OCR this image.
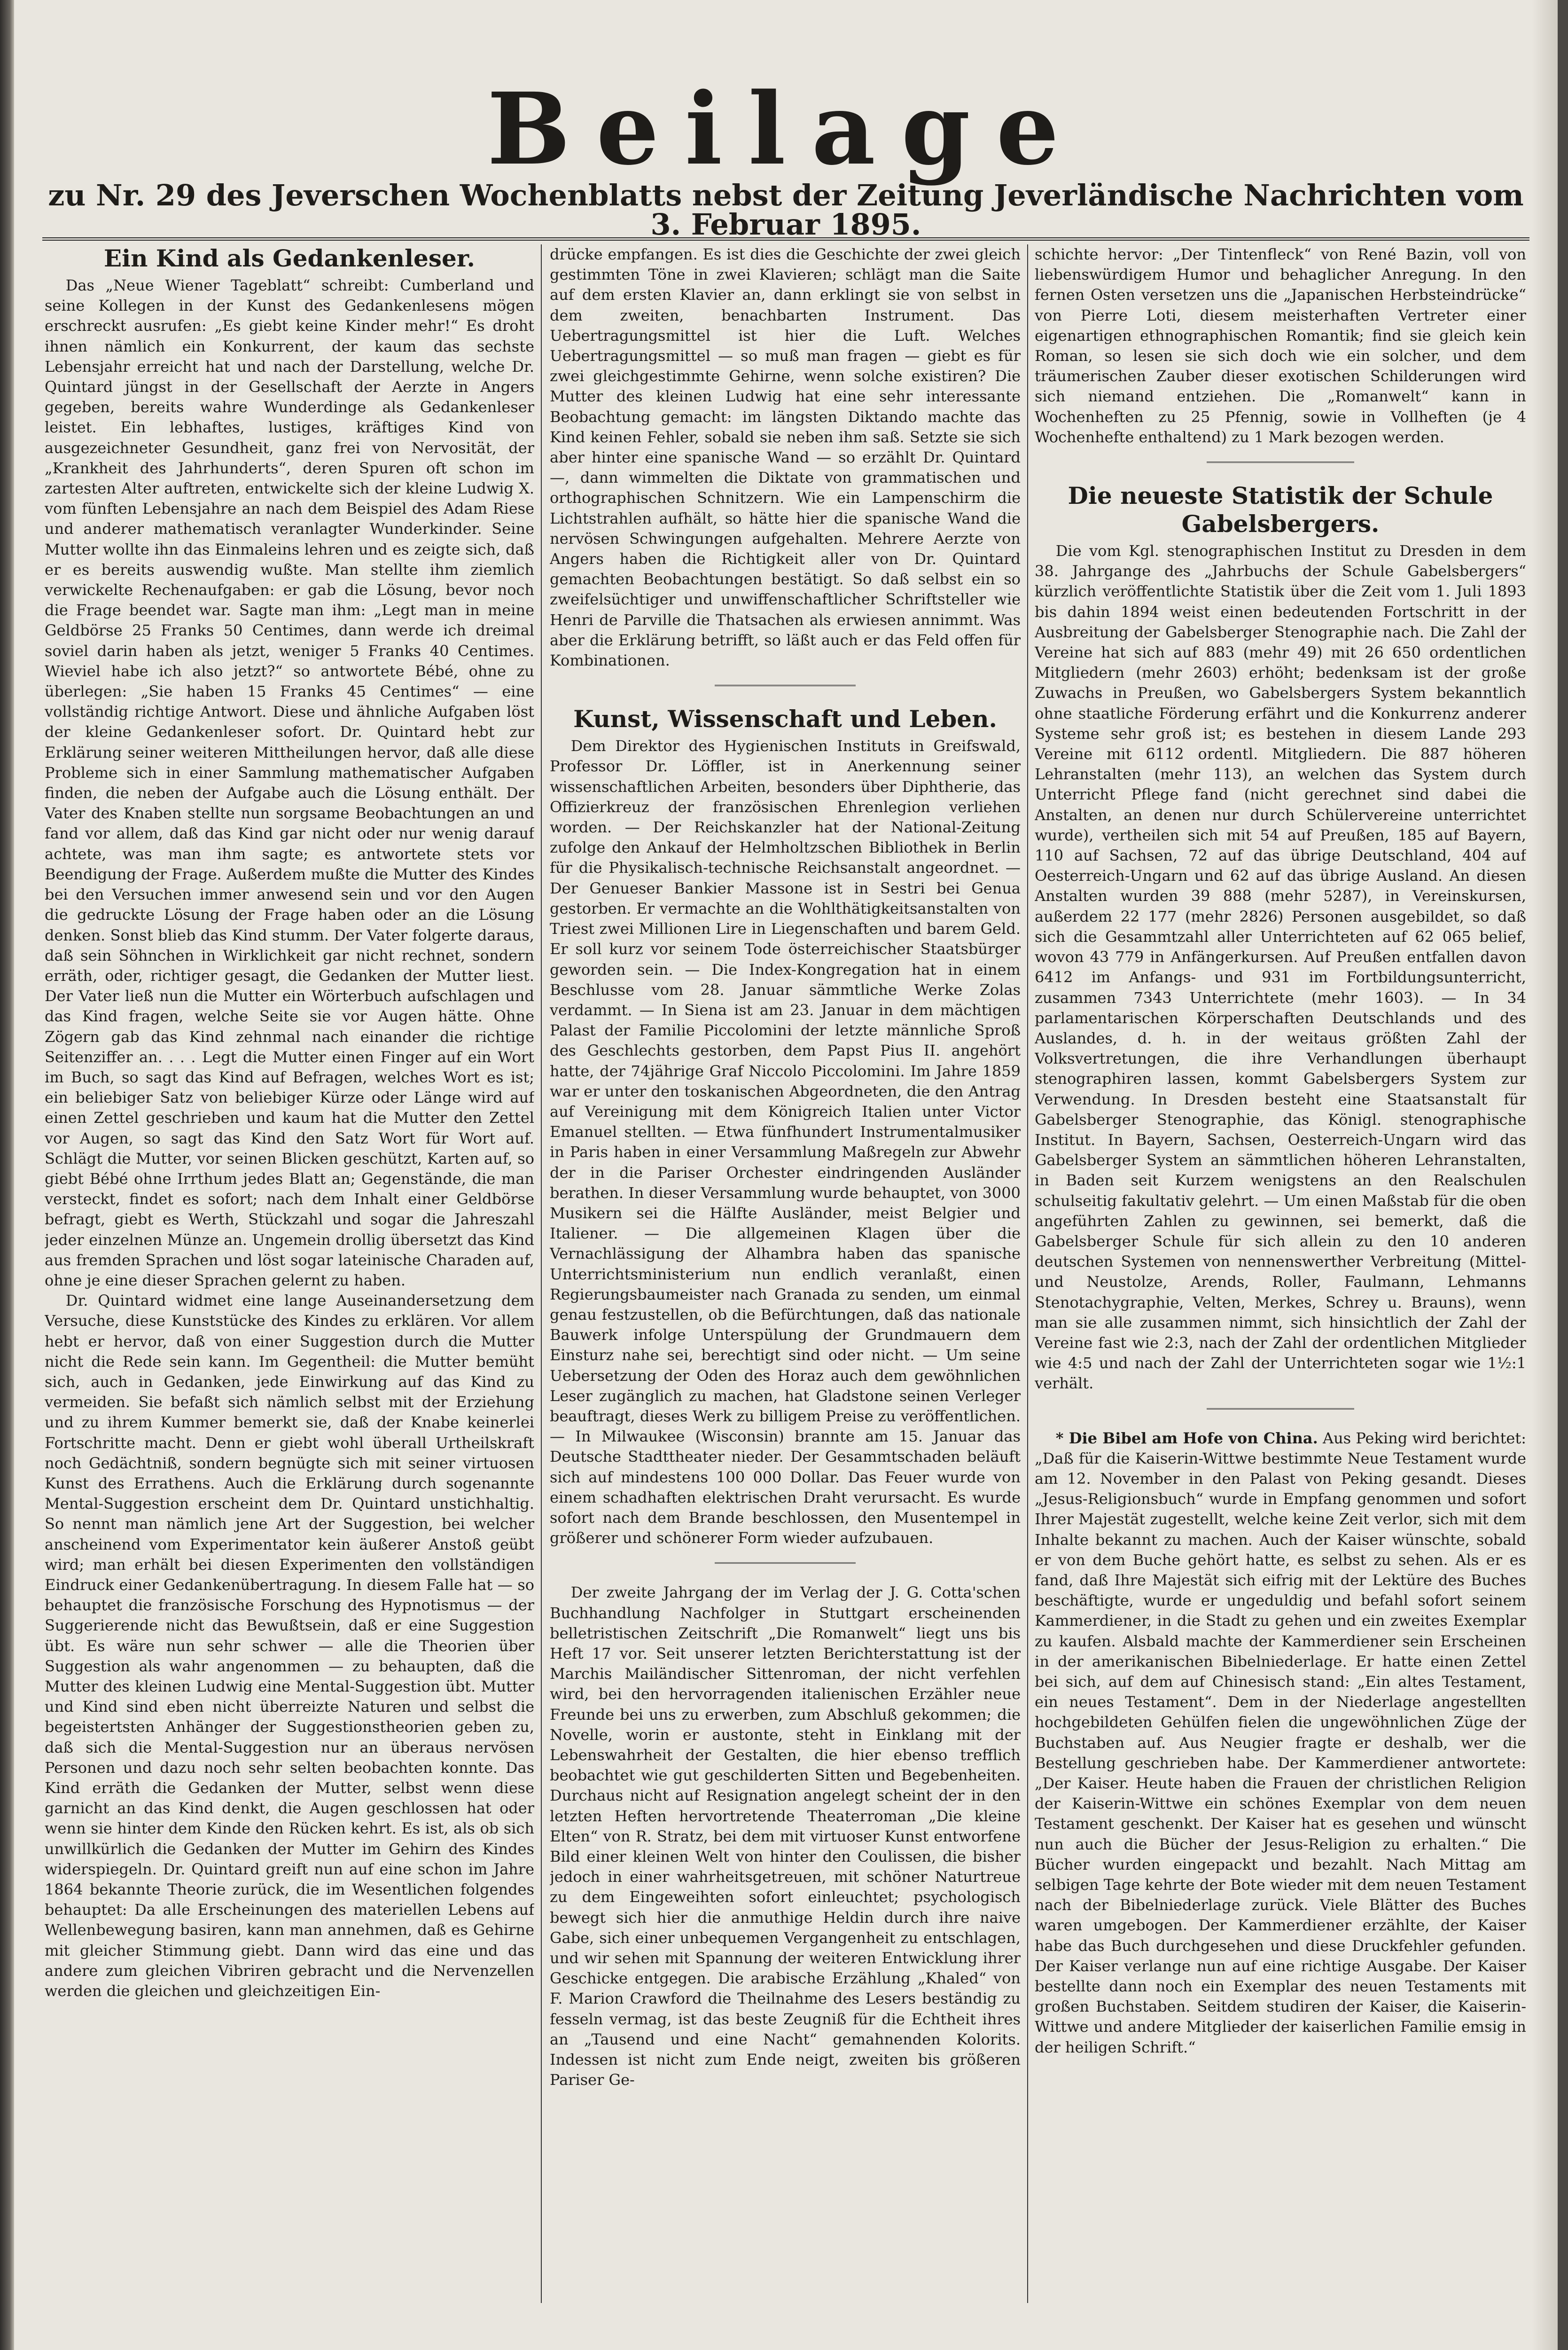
Beilage
zu Nr. 29 des Jeverschen Wochenblatts nebst der Zeitung Jeverländische Nachrichten vom 3. Februar 1895.
Ein Kind als Gedankenleser.

Das „Neue Wiener Tageblatt“ schreibt: Cumberland und seine Kollegen in der Kunst des Gedankenlesens mögen erschreckt ausrufen: „Es giebt keine Kinder mehr!“ Es droht ihnen nämlich ein Konkurrent, der kaum das sechste Lebensjahr erreicht hat und nach der Darstellung, welche Dr. Quintard jüngst in der Gesellschaft der Aerzte in Angers gegeben, bereits wahre Wunderdinge als Gedankenleser leistet. Ein lebhaftes, lustiges, kräftiges Kind von ausgezeichneter Gesundheit, ganz frei von Nervosität, der „Krankheit des Jahrhunderts“, deren Spuren oft schon im zartesten Alter auftreten, entwickelte sich der kleine Ludwig X. vom fünften Lebensjahre an nach dem Beispiel des Adam Riese und anderer mathematisch veranlagter Wunderkinder. Seine Mutter wollte ihn das Einmaleins lehren und es zeigte sich, daß er es bereits auswendig wußte. Man stellte ihm ziemlich verwickelte Rechenaufgaben: er gab die Lösung, bevor noch die Frage beendet war. Sagte man ihm: „Legt man in meine Geldbörse 25 Franks 50 Centimes, dann werde ich dreimal soviel darin haben als jetzt, weniger 5 Franks 40 Centimes. Wieviel habe ich also jetzt?“ so antwortete Bébé, ohne zu überlegen: „Sie haben 15 Franks 45 Centimes“ — eine vollständig richtige Antwort. Diese und ähnliche Aufgaben löst der kleine Gedankenleser sofort. Dr. Quintard hebt zur Erklärung seiner weiteren Mittheilungen hervor, daß alle diese Probleme sich in einer Sammlung mathematischer Aufgaben finden, die neben der Aufgabe auch die Lösung enthält. Der Vater des Knaben stellte nun sorgsame Beobachtungen an und fand vor allem, daß das Kind gar nicht oder nur wenig darauf achtete, was man ihm sagte; es antwortete stets vor Beendigung der Frage. Außerdem mußte die Mutter des Kindes bei den Versuchen immer anwesend sein und vor den Augen die gedruckte Lösung der Frage haben oder an die Lösung denken. Sonst blieb das Kind stumm. Der Vater folgerte daraus, daß sein Söhnchen in Wirklichkeit gar nicht rechnet, sondern erräth, oder, richtiger gesagt, die Gedanken der Mutter liest. Der Vater ließ nun die Mutter ein Wörterbuch aufschlagen und das Kind fragen, welche Seite sie vor Augen hätte. Ohne Zögern gab das Kind zehnmal nach einander die richtige Seitenziffer an. . . . Legt die Mutter einen Finger auf ein Wort im Buch, so sagt das Kind auf Befragen, welches Wort es ist; ein beliebiger Satz von beliebiger Kürze oder Länge wird auf einen Zettel geschrieben und kaum hat die Mutter den Zettel vor Augen, so sagt das Kind den Satz Wort für Wort auf. Schlägt die Mutter, vor seinen Blicken geschützt, Karten auf, so giebt Bébé ohne Irrthum jedes Blatt an; Gegenstände, die man versteckt, findet es sofort; nach dem Inhalt einer Geldbörse befragt, giebt es Werth, Stückzahl und sogar die Jahreszahl jeder einzelnen Münze an. Ungemein drollig übersetzt das Kind aus fremden Sprachen und löst sogar lateinische Charaden auf, ohne je eine dieser Sprachen gelernt zu haben.

Dr. Quintard widmet eine lange Auseinandersetzung dem Versuche, diese Kunststücke des Kindes zu erklären. Vor allem hebt er hervor, daß von einer Suggestion durch die Mutter nicht die Rede sein kann. Im Gegentheil: die Mutter bemüht sich, auch in Gedanken, jede Einwirkung auf das Kind zu vermeiden. Sie befaßt sich nämlich selbst mit der Erziehung und zu ihrem Kummer bemerkt sie, daß der Knabe keinerlei Fortschritte macht. Denn er giebt wohl überall Urtheilskraft noch Gedächtniß, sondern begnügte sich mit seiner virtuosen Kunst des Errathens. Auch die Erklärung durch sogenannte Mental-Suggestion erscheint dem Dr. Quintard unstichhaltig. So nennt man nämlich jene Art der Suggestion, bei welcher anscheinend vom Experimentator kein äußerer Anstoß geübt wird; man erhält bei diesen Experimenten den vollständigen Eindruck einer Gedankenübertragung. In diesem Falle hat — so behauptet die französische Forschung des Hypnotismus — der Suggerierende nicht das Bewußtsein, daß er eine Suggestion übt. Es wäre nun sehr schwer — alle die Theorien über Suggestion als wahr angenommen — zu behaupten, daß die Mutter des kleinen Ludwig eine Mental-Suggestion übt. Mutter und Kind sind eben nicht überreizte Naturen und selbst die begeistertsten Anhänger der Suggestionstheorien geben zu, daß sich die Mental-Suggestion nur an überaus nervösen Personen und dazu noch sehr selten beobachten konnte. Das Kind erräth die Gedanken der Mutter, selbst wenn diese garnicht an das Kind denkt, die Augen geschlossen hat oder wenn sie hinter dem Kinde den Rücken kehrt. Es ist, als ob sich unwillkürlich die Gedanken der Mutter im Gehirn des Kindes widerspiegeln. Dr. Quintard greift nun auf eine schon im Jahre 1864 bekannte Theorie zurück, die im Wesentlichen folgendes behauptet: Da alle Erscheinungen des materiellen Lebens auf Wellenbewegung basiren, kann man annehmen, daß es Gehirne mit gleicher Stimmung giebt. Dann wird das eine und das andere zum gleichen Vibriren gebracht und die Nervenzellen werden die gleichen und gleichzeitigen Ein-

drücke empfangen. Es ist dies die Geschichte der zwei gleich gestimmten Töne in zwei Klavieren; schlägt man die Saite auf dem ersten Klavier an, dann erklingt sie von selbst in dem zweiten, benachbarten Instrument. Das Uebertragungsmittel ist hier die Luft. Welches Uebertragungsmittel — so muß man fragen — giebt es für zwei gleichgestimmte Gehirne, wenn solche existiren? Die Mutter des kleinen Ludwig hat eine sehr interessante Beobachtung gemacht: im längsten Diktando machte das Kind keinen Fehler, sobald sie neben ihm saß. Setzte sie sich aber hinter eine spanische Wand — so erzählt Dr. Quintard —, dann wimmelten die Diktate von grammatischen und orthographischen Schnitzern. Wie ein Lampenschirm die Lichtstrahlen aufhält, so hätte hier die spanische Wand die nervösen Schwingungen aufgehalten. Mehrere Aerzte von Angers haben die Richtigkeit aller von Dr. Quintard gemachten Beobachtungen bestätigt. So daß selbst ein so zweifelsüchtiger und unwiffenschaftlicher Schriftsteller wie Henri de Parville die Thatsachen als erwiesen annimmt. Was aber die Erklärung betrifft, so läßt auch er das Feld offen für Kombinationen.

Kunst, Wissenschaft und Leben.

Dem Direktor des Hygienischen Instituts in Greifswald, Professor Dr. Löffler, ist in Anerkennung seiner wissenschaftlichen Arbeiten, besonders über Diphtherie, das Offizierkreuz der französischen Ehrenlegion verliehen worden. — Der Reichskanzler hat der National-Zeitung zufolge den Ankauf der Helmholtzschen Bibliothek in Berlin für die Physikalisch-technische Reichsanstalt angeordnet. — Der Genueser Bankier Massone ist in Sestri bei Genua gestorben. Er vermachte an die Wohlthätigkeitsanstalten von Triest zwei Millionen Lire in Liegenschaften und barem Geld. Er soll kurz vor seinem Tode österreichischer Staatsbürger geworden sein. — Die Index-Kongregation hat in einem Beschlusse vom 28. Januar sämmtliche Werke Zolas verdammt. — In Siena ist am 23. Januar in dem mächtigen Palast der Familie Piccolomini der letzte männliche Sproß des Geschlechts gestorben, dem Papst Pius II. angehört hatte, der 74jährige Graf Niccolo Piccolomini. Im Jahre 1859 war er unter den toskanischen Abgeordneten, die den Antrag auf Vereinigung mit dem Königreich Italien unter Victor Emanuel stellten. — Etwa fünfhundert Instrumentalmusiker in Paris haben in einer Versammlung Maßregeln zur Abwehr der in die Pariser Orchester eindringenden Ausländer berathen. In dieser Versammlung wurde behauptet, von 3000 Musikern sei die Hälfte Ausländer, meist Belgier und Italiener. — Die allgemeinen Klagen über die Vernachlässigung der Alhambra haben das spanische Unterrichtsministerium nun endlich veranlaßt, einen Regierungsbaumeister nach Granada zu senden, um einmal genau festzustellen, ob die Befürchtungen, daß das nationale Bauwerk infolge Unterspülung der Grundmauern dem Einsturz nahe sei, berechtigt sind oder nicht. — Um seine Uebersetzung der Oden des Horaz auch dem gewöhnlichen Leser zugänglich zu machen, hat Gladstone seinen Verleger beauftragt, dieses Werk zu billigem Preise zu veröffentlichen. — In Milwaukee (Wisconsin) brannte am 15. Januar das Deutsche Stadttheater nieder. Der Gesammtschaden beläuft sich auf mindestens 100 000 Dollar. Das Feuer wurde von einem schadhaften elektrischen Draht verursacht. Es wurde sofort nach dem Brande beschlossen, den Musentempel in größerer und schönerer Form wieder aufzubauen.

Der zweite Jahrgang der im Verlag der J. G. Cotta'schen Buchhandlung Nachfolger in Stuttgart erscheinenden belletristischen Zeitschrift „Die Romanwelt“ liegt uns bis Heft 17 vor. Seit unserer letzten Berichterstattung ist der Marchis Mailändischer Sittenroman, der nicht verfehlen wird, bei den hervorragenden italienischen Erzähler neue Freunde bei uns zu erwerben, zum Abschluß gekommen; die Novelle, worin er austonte, steht in Einklang mit der Lebenswahrheit der Gestalten, die hier ebenso trefflich beobachtet wie gut geschilderten Sitten und Begebenheiten. Durchaus nicht auf Resignation angelegt scheint der in den letzten Heften hervortretende Theaterroman „Die kleine Elten“ von R. Stratz, bei dem mit virtuoser Kunst entworfene Bild einer kleinen Welt von hinter den Coulissen, die bisher jedoch in einer wahrheitsgetreuen, mit schöner Naturtreue zu dem Eingeweihten sofort einleuchtet; psychologisch bewegt sich hier die anmuthige Heldin durch ihre naive Gabe, sich einer unbequemen Vergangenheit zu entschlagen, und wir sehen mit Spannung der weiteren Entwicklung ihrer Geschicke entgegen. Die arabische Erzählung „Khaled“ von F. Marion Crawford die Theilnahme des Lesers beständig zu fesseln vermag, ist das beste Zeugniß für die Echtheit ihres an „Tausend und eine Nacht“ gemahnenden Kolorits. Indessen ist nicht zum Ende neigt, zweiten bis größeren Pariser Ge-

schichte hervor: „Der Tintenfleck“ von René Bazin, voll von liebenswürdigem Humor und behaglicher Anregung. In den fernen Osten versetzen uns die „Japanischen Herbsteindrücke“ von Pierre Loti, diesem meisterhaften Vertreter einer eigenartigen ethnographischen Romantik; find sie gleich kein Roman, so lesen sie sich doch wie ein solcher, und dem träumerischen Zauber dieser exotischen Schilderungen wird sich niemand entziehen. Die „Romanwelt“ kann in Wochenheften zu 25 Pfennig, sowie in Vollheften (je 4 Wochenhefte enthaltend) zu 1 Mark bezogen werden.

Die neueste Statistik der Schule Gabelsbergers.

Die vom Kgl. stenographischen Institut zu Dresden in dem 38. Jahrgange des „Jahrbuchs der Schule Gabelsbergers“ kürzlich veröffentlichte Statistik über die Zeit vom 1. Juli 1893 bis dahin 1894 weist einen bedeutenden Fortschritt in der Ausbreitung der Gabelsberger Stenographie nach. Die Zahl der Vereine hat sich auf 883 (mehr 49) mit 26 650 ordentlichen Mitgliedern (mehr 2603) erhöht; bedenksam ist der große Zuwachs in Preußen, wo Gabelsbergers System bekanntlich ohne staatliche Förderung erfährt und die Konkurrenz anderer Systeme sehr groß ist; es bestehen in diesem Lande 293 Vereine mit 6112 ordentl. Mitgliedern. Die 887 höheren Lehranstalten (mehr 113), an welchen das System durch Unterricht Pflege fand (nicht gerechnet sind dabei die Anstalten, an denen nur durch Schülervereine unterrichtet wurde), vertheilen sich mit 54 auf Preußen, 185 auf Bayern, 110 auf Sachsen, 72 auf das übrige Deutschland, 404 auf Oesterreich-Ungarn und 62 auf das übrige Ausland. An diesen Anstalten wurden 39 888 (mehr 5287), in Vereinskursen, außerdem 22 177 (mehr 2826) Personen ausgebildet, so daß sich die Gesammtzahl aller Unterrichteten auf 62 065 belief, wovon 43 779 in Anfängerkursen. Auf Preußen entfallen davon 6412 im Anfangs- und 931 im Fortbildungsunterricht, zusammen 7343 Unterrichtete (mehr 1603). — In 34 parlamentarischen Körperschaften Deutschlands und des Auslandes, d. h. in der weitaus größten Zahl der Volksvertretungen, die ihre Verhandlungen überhaupt stenographiren lassen, kommt Gabelsbergers System zur Verwendung. In Dresden besteht eine Staatsanstalt für Gabelsberger Stenographie, das Königl. stenographische Institut. In Bayern, Sachsen, Oesterreich-Ungarn wird das Gabelsberger System an sämmtlichen höheren Lehranstalten, in Baden seit Kurzem wenigstens an den Realschulen schulseitig fakultativ gelehrt. — Um einen Maßstab für die oben angeführten Zahlen zu gewinnen, sei bemerkt, daß die Gabelsberger Schule für sich allein zu den 10 anderen deutschen Systemen von nennenswerther Verbreitung (Mittel- und Neustolze, Arends, Roller, Faulmann, Lehmanns Stenotachygraphie, Velten, Merkes, Schrey u. Brauns), wenn man sie alle zusammen nimmt, sich hinsichtlich der Zahl der Vereine fast wie 2:3, nach der Zahl der ordentlichen Mitglieder wie 4:5 und nach der Zahl der Unterrichteten sogar wie 1½:1 verhält.

* Die Bibel am Hofe von China. Aus Peking wird berichtet: „Daß für die Kaiserin-Wittwe bestimmte Neue Testament wurde am 12. November in den Palast von Peking gesandt. Dieses „Jesus-Religionsbuch“ wurde in Empfang genommen und sofort Ihrer Majestät zugestellt, welche keine Zeit verlor, sich mit dem Inhalte bekannt zu machen. Auch der Kaiser wünschte, sobald er von dem Buche gehört hatte, es selbst zu sehen. Als er es fand, daß Ihre Majestät sich eifrig mit der Lektüre des Buches beschäftigte, wurde er ungeduldig und befahl sofort seinem Kammerdiener, in die Stadt zu gehen und ein zweites Exemplar zu kaufen. Alsbald machte der Kammerdiener sein Erscheinen in der amerikanischen Bibelniederlage. Er hatte einen Zettel bei sich, auf dem auf Chinesisch stand: „Ein altes Testament, ein neues Testament“. Dem in der Niederlage angestellten hochgebildeten Gehülfen fielen die ungewöhnlichen Züge der Buchstaben auf. Aus Neugier fragte er deshalb, wer die Bestellung geschrieben habe. Der Kammerdiener antwortete: „Der Kaiser. Heute haben die Frauen der christlichen Religion der Kaiserin-Wittwe ein schönes Exemplar von dem neuen Testament geschenkt. Der Kaiser hat es gesehen und wünscht nun auch die Bücher der Jesus-Religion zu erhalten.“ Die Bücher wurden eingepackt und bezahlt. Nach Mittag am selbigen Tage kehrte der Bote wieder mit dem neuen Testament nach der Bibelniederlage zurück. Viele Blätter des Buches waren umgebogen. Der Kammerdiener erzählte, der Kaiser habe das Buch durchgesehen und diese Druckfehler gefunden. Der Kaiser verlange nun auf eine richtige Ausgabe. Der Kaiser bestellte dann noch ein Exemplar des neuen Testaments mit großen Buchstaben. Seitdem studiren der Kaiser, die Kaiserin-Wittwe und andere Mitglieder der kaiserlichen Familie emsig in der heiligen Schrift.“
